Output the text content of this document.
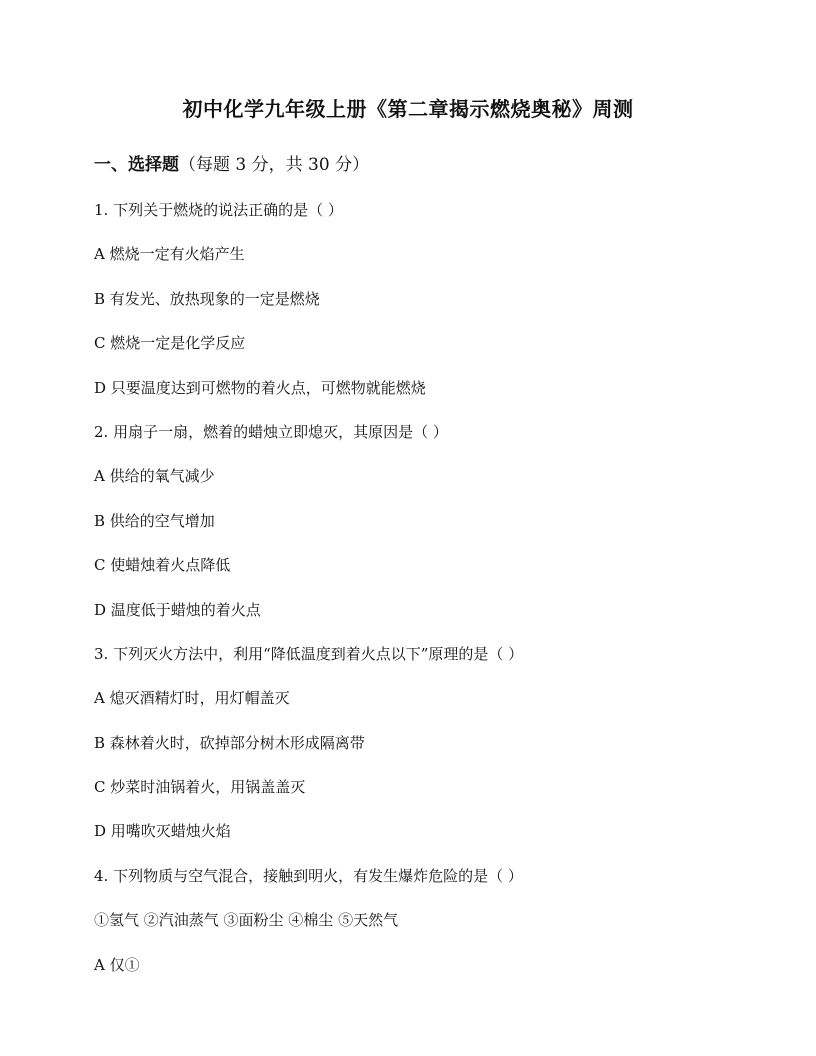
初中化学九年级上册《第二章揭示燃烧奥秘》周测
一、选择题（每题 3 分，共 30 分）
1. 下列关于燃烧的说法正确的是（ ）
A 燃烧一定有火焰产生
B 有发光、放热现象的一定是燃烧
C 燃烧一定是化学反应
D 只要温度达到可燃物的着火点，可燃物就能燃烧
2. 用扇子一扇，燃着的蜡烛立即熄灭，其原因是（ ）
A 供给的氧气减少
B 供给的空气增加
C 使蜡烛着火点降低
D 温度低于蜡烛的着火点
3. 下列灭火方法中，利用“降低温度到着火点以下”原理的是（ ）
A 熄灭酒精灯时，用灯帽盖灭
B 森林着火时，砍掉部分树木形成隔离带
C 炒菜时油锅着火，用锅盖盖灭
D 用嘴吹灭蜡烛火焰
4. 下列物质与空气混合，接触到明火，有发生爆炸危险的是（ ）
①氢气 ②汽油蒸气 ③面粉尘 ④棉尘 ⑤天然气
A 仅①
